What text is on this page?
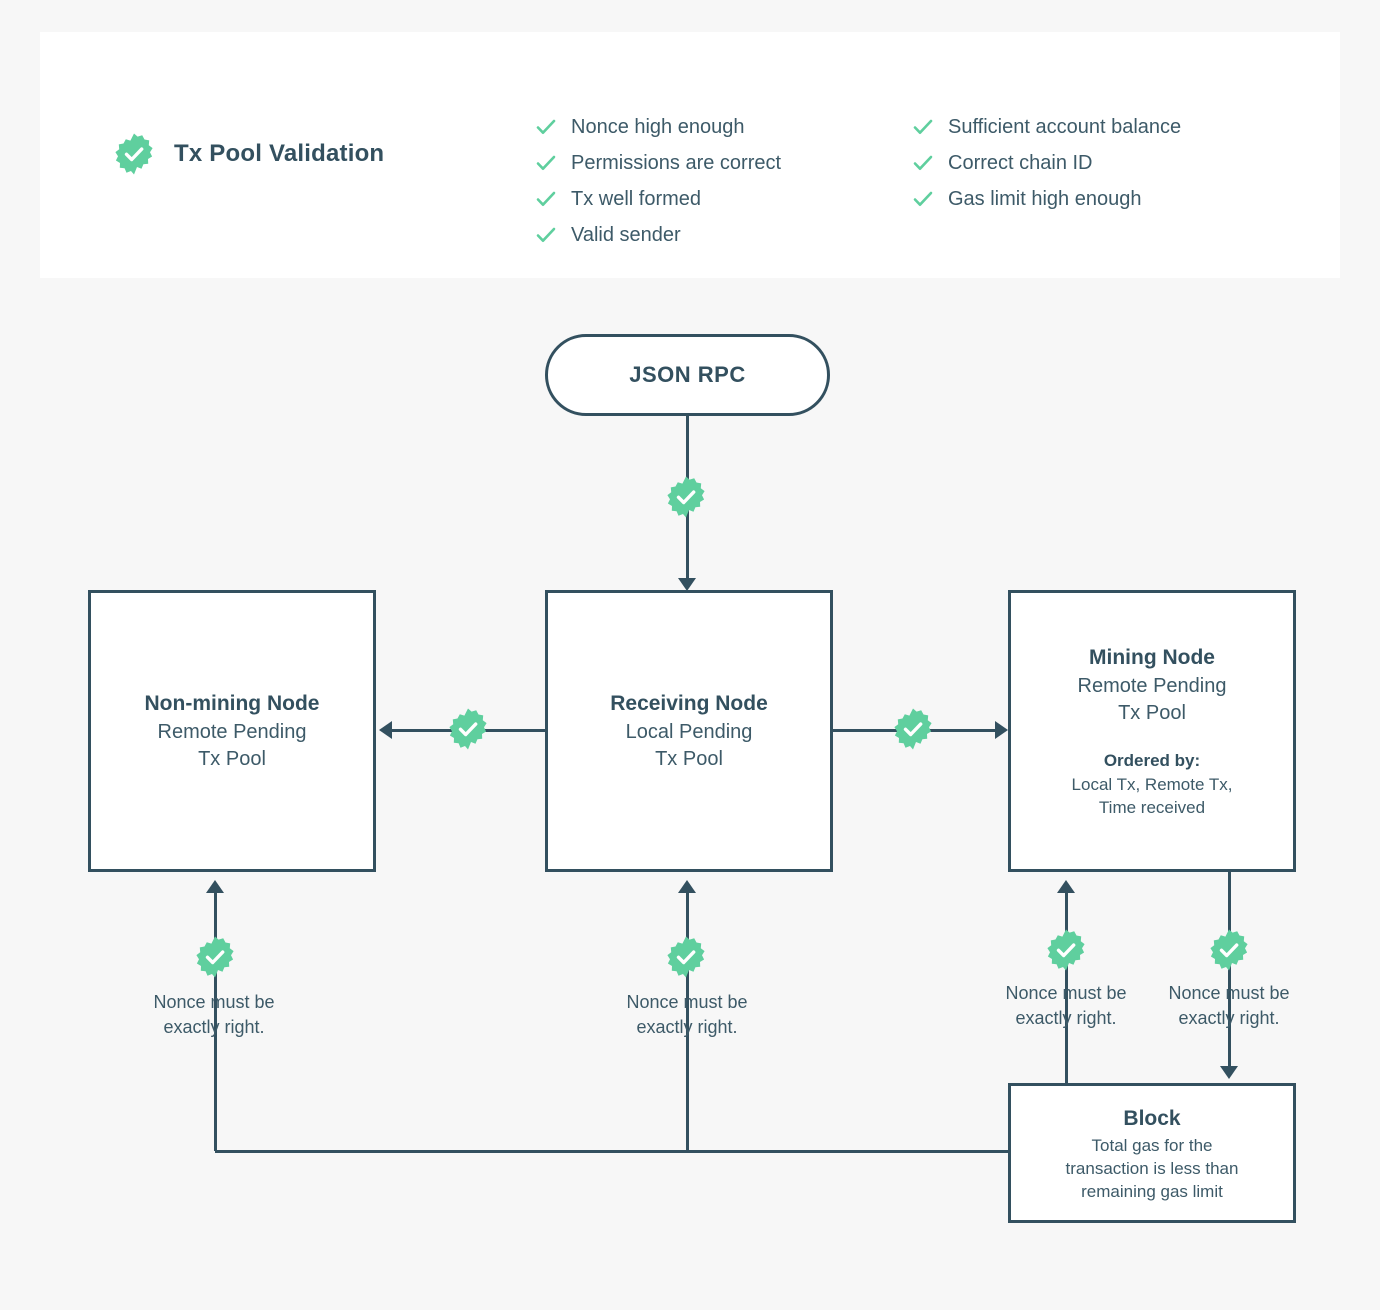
Tx Pool Validation
Nonce high enough
Permissions are correct
Tx well formed
Valid sender
Sufficient account balance
Correct chain ID
Gas limit high enough
Nonce must be
exactly right.
Nonce must be
exactly right.
Nonce must be
exactly right.
Nonce must be
exactly right.
JSON RPC
Non-mining Node
Remote Pending
Tx Pool
Receiving Node
Local Pending
Tx Pool
Mining Node
Remote Pending
Tx Pool
Ordered by:
Local Tx, Remote Tx,
Time received
Block
Total gas for the
transaction is less than
remaining gas limit
